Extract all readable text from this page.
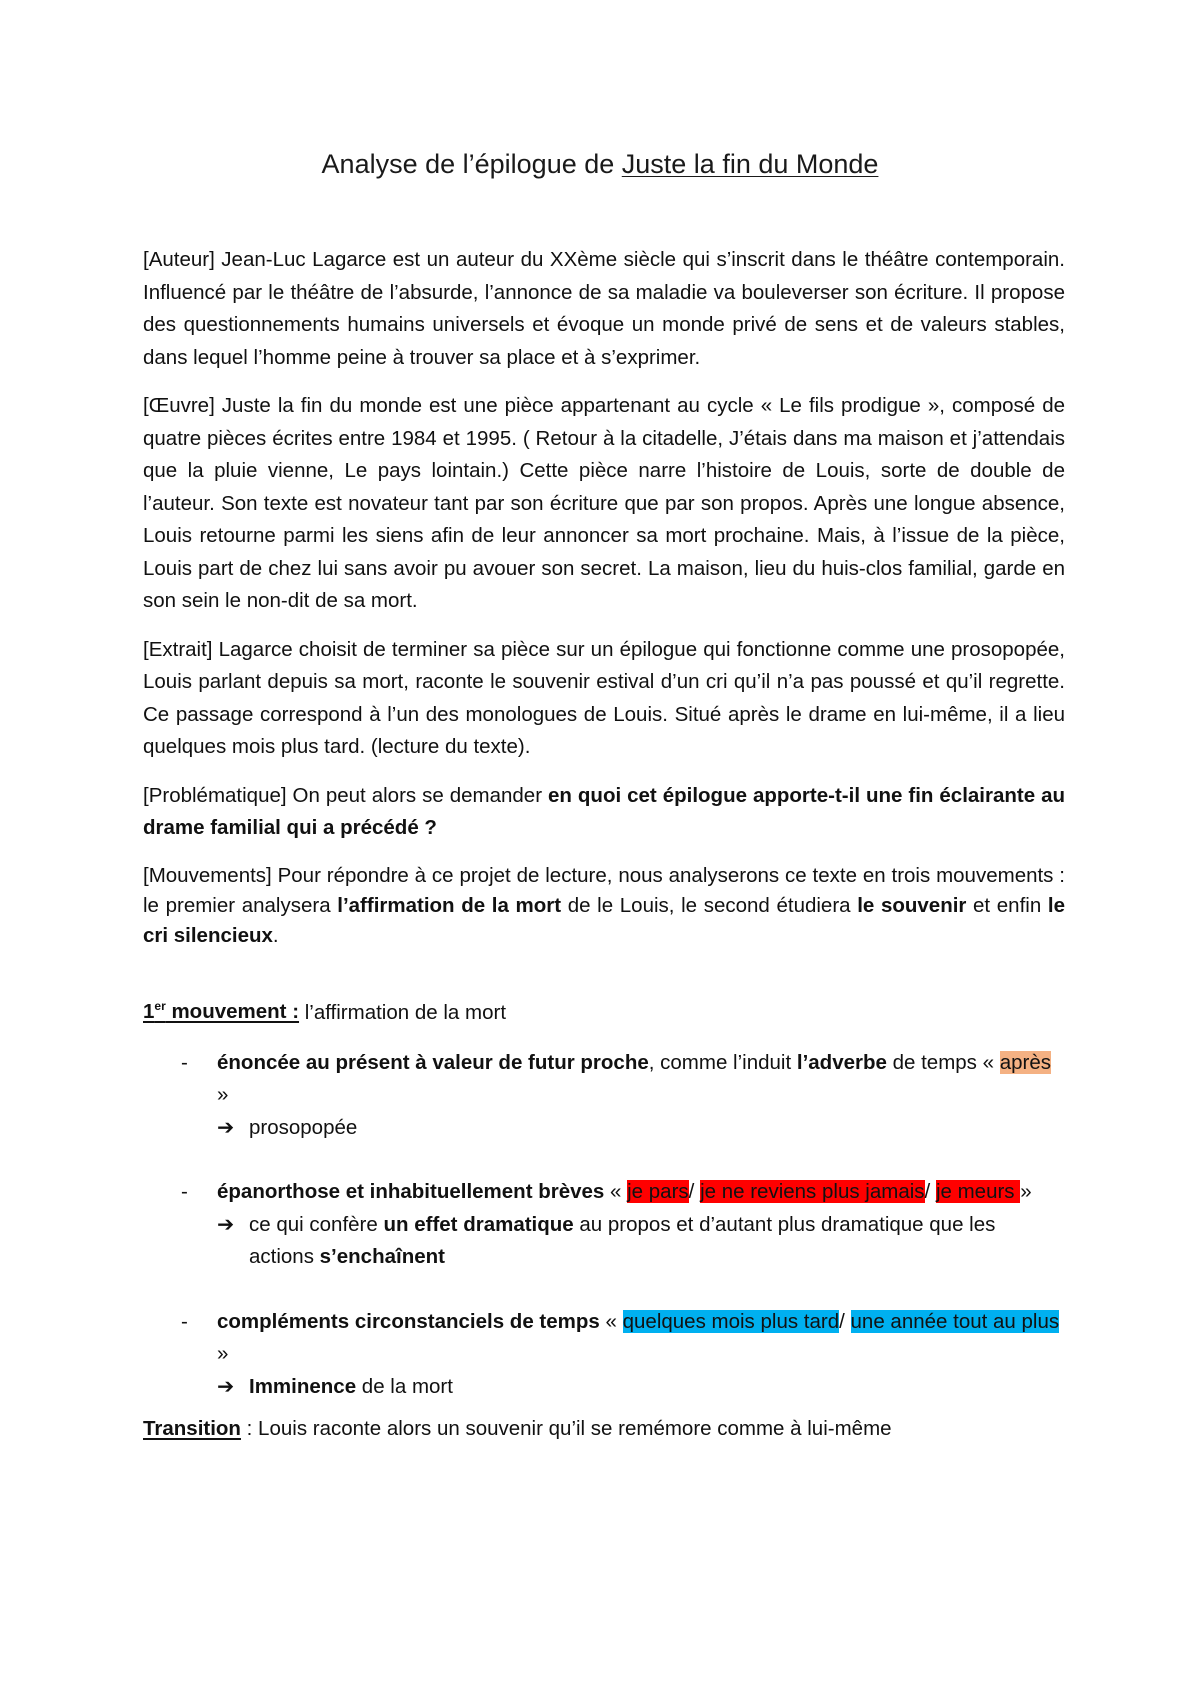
Analyse de l’épilogue de Juste la fin du Monde

[Auteur] Jean-Luc Lagarce est un auteur du XXème siècle qui s’inscrit dans le théâtre contemporain. Influencé par le théâtre de l’absurde, l’annonce de sa maladie va bouleverser son écriture. Il propose des questionnements humains universels et évoque un monde privé de sens et de valeurs stables, dans lequel l’homme peine à trouver sa place et à s’exprimer.

[Œuvre] Juste la fin du monde est une pièce appartenant au cycle « Le fils prodigue », composé de quatre pièces écrites entre 1984 et 1995. ( Retour à la citadelle, J’étais dans ma maison et j’attendais que la pluie vienne, Le pays lointain.) Cette pièce narre l’histoire de Louis, sorte de double de l’auteur. Son texte est novateur tant par son écriture que par son propos. Après une longue absence, Louis retourne parmi les siens afin de leur annoncer sa mort prochaine. Mais, à l’issue de la pièce, Louis part de chez lui sans avoir pu avouer son secret. La maison, lieu du huis-clos familial, garde en son sein le non-dit de sa mort.

[Extrait] Lagarce choisit de terminer sa pièce sur un épilogue qui fonctionne comme une prosopopée, Louis parlant depuis sa mort, raconte le souvenir estival d’un cri qu’il n’a pas poussé et qu’il regrette. Ce passage correspond à l’un des monologues de Louis. Situé après le drame en lui-même, il a lieu quelques mois plus tard. (lecture du texte).

[Problématique] On peut alors se demander en quoi cet épilogue apporte-t-il une fin éclairante au drame familial qui a précédé ?

[Mouvements] Pour répondre à ce projet de lecture, nous analyserons ce texte en trois mouvements : le premier analysera l’affirmation de la mort de le Louis, le second étudiera le souvenir et enfin le cri silencieux.

1er mouvement : l’affirmation de la mort
- énoncée au présent à valeur de futur proche, comme l’induit l’adverbe de temps « après »
➔ prosopopée
- épanorthose et inhabituellement brèves « je pars/ je ne reviens plus jamais/ je meurs »
➔ ce qui confère un effet dramatique au propos et d’autant plus dramatique que les actions s’enchaînent
- compléments circonstanciels de temps « quelques mois plus tard/ une année tout au plus »
➔ Imminence de la mort
Transition : Louis raconte alors un souvenir qu’il se remémore comme à lui-même
